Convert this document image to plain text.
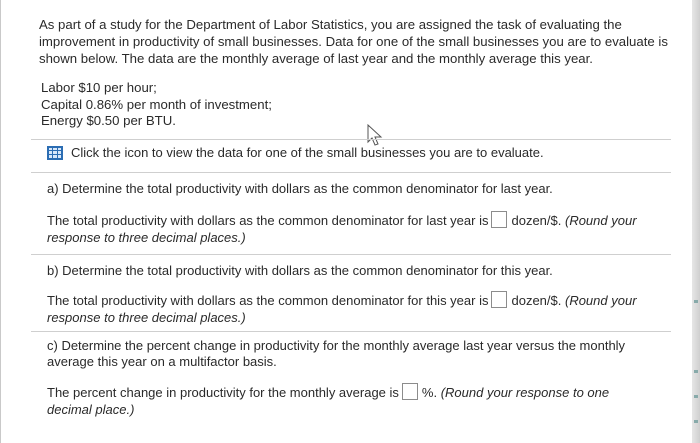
As part of a study for the Department of Labor Statistics, you are assigned the task of evaluating the improvement in productivity of small businesses. Data for one of the small businesses you are to evaluate is shown below. The data are the monthly average of last year and the monthly average this year.
Labor $10 per hour;
Capital 0.86% per month of investment;
Energy $0.50 per BTU.
Click the icon to view the data for one of the small businesses you are to evaluate.
a) Determine the total productivity with dollars as the common denominator for last year.
The total productivity with dollars as the common denominator for last year is dozen/$. (Round your response to three decimal places.)
b) Determine the total productivity with dollars as the common denominator for this year.
The total productivity with dollars as the common denominator for this year is dozen/$. (Round your response to three decimal places.)
c) Determine the percent change in productivity for the monthly average last year versus the monthly average this year on a multifactor basis.
The percent change in productivity for the monthly average is %. (Round your response to one decimal place.)
